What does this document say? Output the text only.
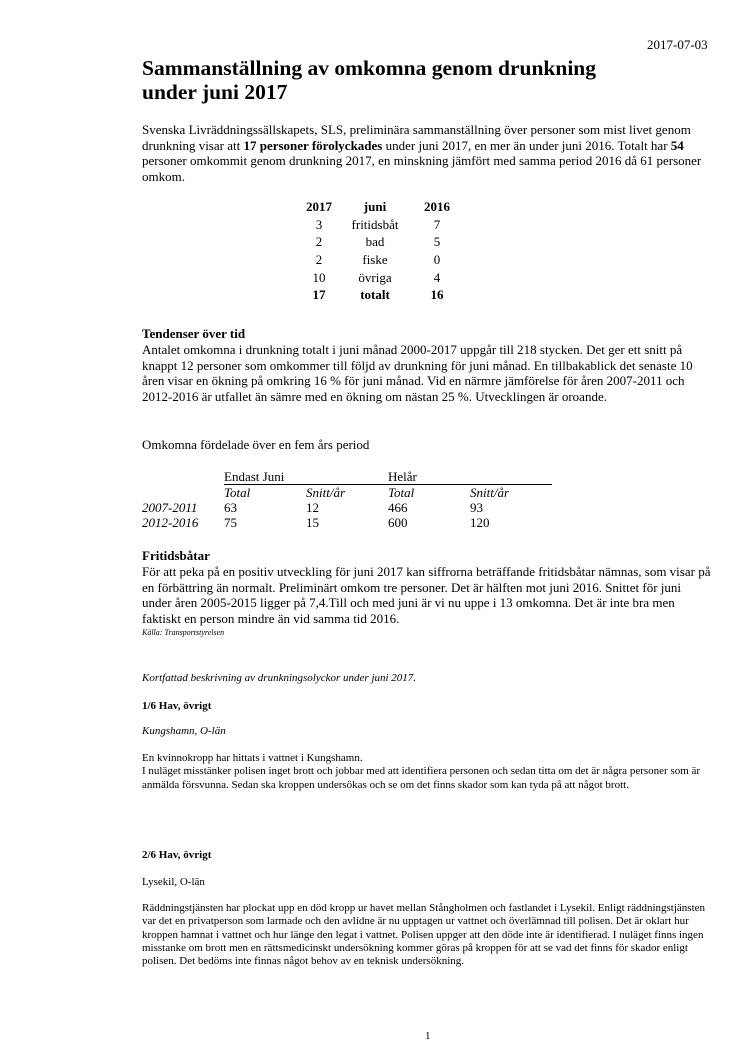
2017-07-03
Sammanställning av omkomna genom drunkning
under juni 2017

Svenska Livräddningssällskapets, SLS, preliminära sammanställning över personer som mist livet genom drunkning visar att 17 personer förolyckades under juni 2017, en mer än under juni 2016. Totalt har 54 personer omkommit genom drunkning 2017, en minskning jämfört med samma period 2016 då 61 personer omkom.

2017	juni	2016
3	fritidsbåt	7
2	bad	5
2	fiske	0
10	övriga	4
17	totalt	16
Tendenser över tid

Antalet omkomna i drunkning totalt i juni månad 2000-2017 uppgår till 218 stycken. Det ger ett snitt på knappt 12 personer som omkommer till följd av drunkning för juni månad. En tillbakablick det senaste 10 åren visar en ökning på omkring 16 % för juni månad. Vid en närmre jämförelse för åren 2007-2011 och 2012-2016 är utfallet än sämre med en ökning om nästan 25 %. Utvecklingen är oroande.

Omkomna fördelade över en fem års period
	Endast Juni		Helår	
	Total	Snitt/år	Total	Snitt/år
2007-2011	63	12	466	93
2012-2016	75	15	600	120
Fritidsbåtar

För att peka på en positiv utveckling för juni 2017 kan siffrorna beträffande fritidsbåtar nämnas, som visar på en förbättring än normalt. Preliminärt omkom tre personer. Det är hälften mot juni 2016. Snittet för juni under åren 2005-2015 ligger på 7,4.Till och med juni är vi nu uppe i 13 omkomna. Det är inte bra men faktiskt en person mindre än vid samma tid 2016.

Källa: Transportstyrelsen
Kortfattad beskrivning av drunkningsolyckor under juni 2017.
1/6 Hav, övrigt
Kungshamn, O-län

En kvinnokropp har hittats i vattnet i Kungshamn.
I nuläget misstänker polisen inget brott och jobbar med att identifiera personen och sedan titta om det är några personer som är anmälda försvunna. Sedan ska kroppen undersökas och se om det finns skador som kan tyda på att något brott.

2/6 Hav, övrigt
Lysekil, O-län

Räddningstjänsten har plockat upp en död kropp ur havet mellan Stångholmen och fastlandet i Lysekil. Enligt räddningstjänsten var det en privatperson som larmade och den avlidne är nu upptagen ur vattnet och överlämnad till polisen. Det är oklart hur kroppen hamnat i vattnet och hur länge den legat i vattnet. Polisen uppger att den döde inte är identifierad. I nuläget finns ingen misstanke om brott men en rättsmedicinskt undersökning kommer göras på kroppen för att se vad det finns för skador enligt polisen. Det bedöms inte finnas något behov av en teknisk undersökning.

1
